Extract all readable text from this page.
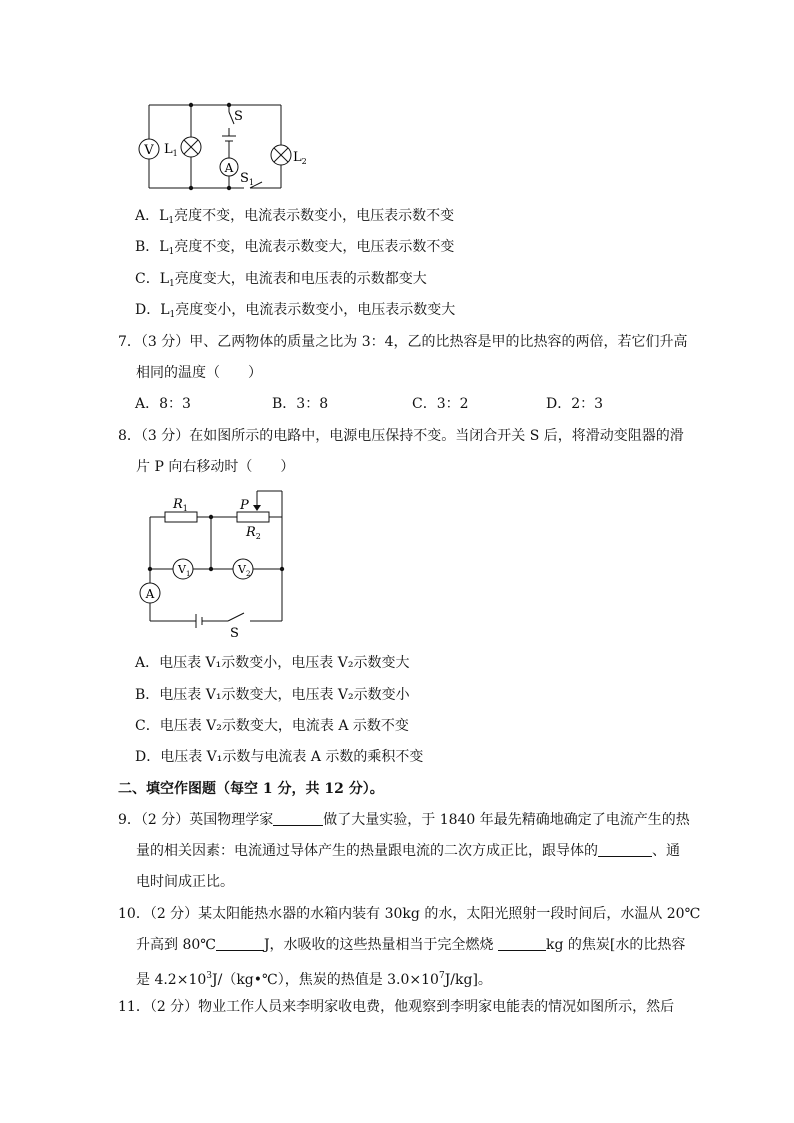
V $L_1$
A
S
$L_2$
$S_1$
A．$L_1$亮度不变，电流表示数变小，电压表示数不变
B．$L_1$亮度不变，电流表示数变大，电压表示数不变
C．$L_1$亮度变大，电流表和电压表的示数都变大
D．$L_1$亮度变小，电流表示数变小，电压表示数变大
7．（3 分）甲、乙两物体的质量之比为 3：4，乙的比热容是甲的比热容的两倍，若它们升高
相同的温度（　　）
A．8：3	B．3：8	C．3：2	D．2：3
8．（3 分）在如图所示的电路中，电源电压保持不变。当闭合开关 S 后，将滑动变阻器的滑
片 P 向右移动时（　　）
$R_1$	P
$R_2$
$V_1$	$V_2$
A
S
A．电压表 V₁示数变小，电压表 V₂示数变大
B．电压表 V₁示数变大，电压表 V₂示数变小
C．电压表 V₂示数变大，电流表 A 示数不变
D．电压表 V₁示数与电流表 A 示数的乘积不变
二、填空作图题（每空 1 分，共 12 分）。
9．（2 分）英国物理学家	做了大量实验，于 1840 年最先精确地确定了电流产生的热
量的相关因素：电流通过导体产生的热量跟电流的二次方成正比，跟导体的	、通
电时间成正比。
10．（2 分）某太阳能热水器的水箱内装有 30kg 的水，太阳光照射一段时间后，水温从 20℃
升高到 80℃	J，水吸收的这些热量相当于完全燃烧	kg 的焦炭[水的比热容
是 $4.2\times 10^3J/(kg•℃)$，焦炭的热值是 $3.0\times 10^7J/kg$]。
11．（2 分）物业工作人员来李明家收电费，他观察到李明家电能表的情况如图所示，然后
